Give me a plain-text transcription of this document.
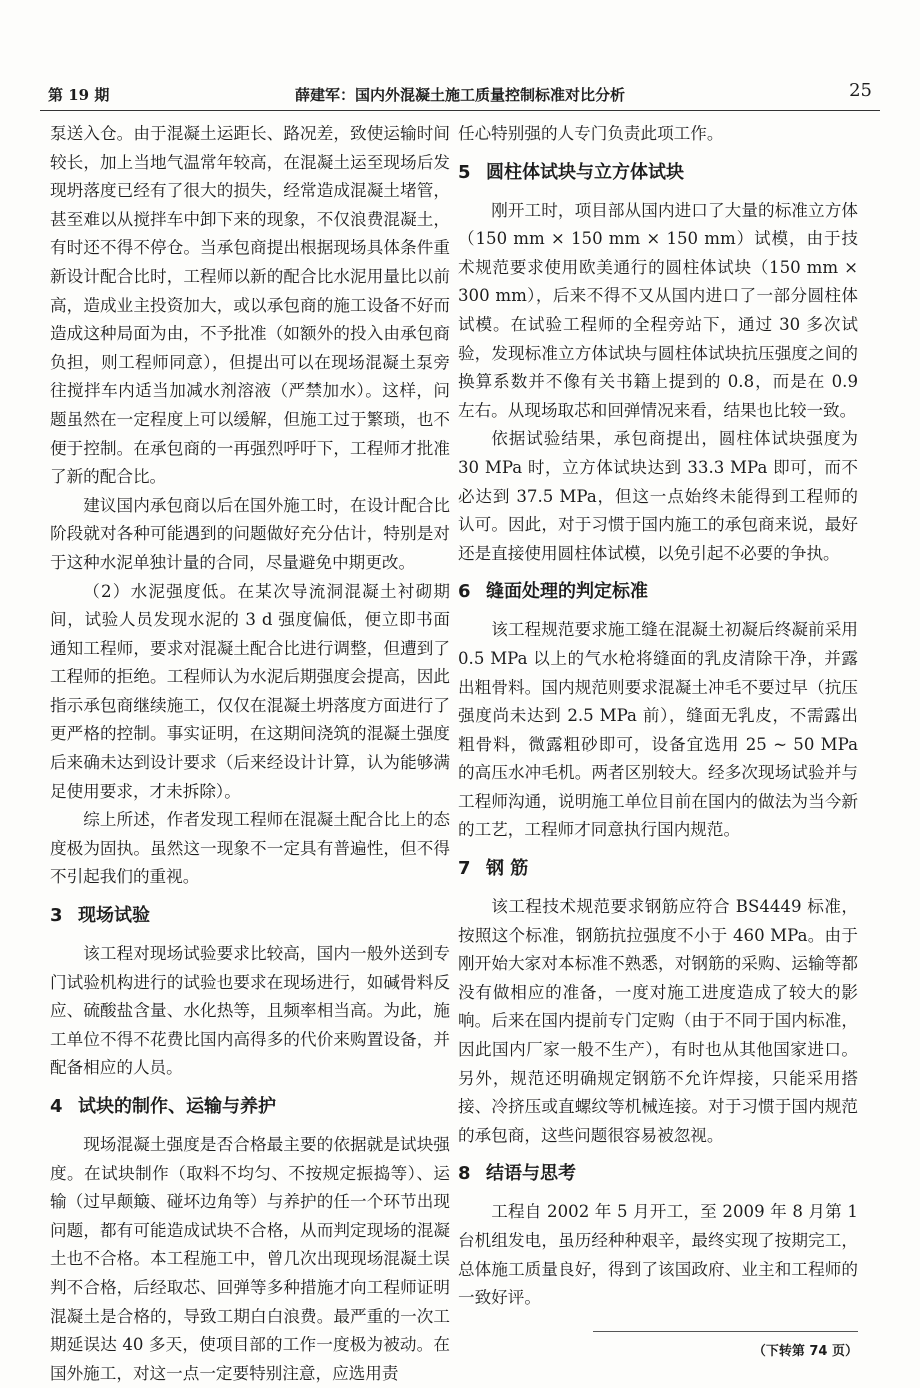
第 19 期	薛建军：国内外混凝土施工质量控制标准对比分析	25

泵送入仓。由于混凝土运距长、路况差，致使运输时间较长，加上当地气温常年较高，在混凝土运至现场后发现坍落度已经有了很大的损失，经常造成混凝土堵管，甚至难以从搅拌车中卸下来的现象，不仅浪费混凝土，有时还不得不停仓。当承包商提出根据现场具体条件重新设计配合比时，工程师以新的配合比水泥用量比以前高，造成业主投资加大，或以承包商的施工设备不好而造成这种局面为由，不予批准（如额外的投入由承包商负担，则工程师同意），但提出可以在现场混凝土泵旁往搅拌车内适当加减水剂溶液（严禁加水）。这样，问题虽然在一定程度上可以缓解，但施工过于繁琐，也不便于控制。在承包商的一再强烈呼吁下，工程师才批准了新的配合比。

建议国内承包商以后在国外施工时，在设计配合比阶段就对各种可能遇到的问题做好充分估计，特别是对于这种水泥单独计量的合同，尽量避免中期更改。

（2）水泥强度低。在某次导流洞混凝土衬砌期间，试验人员发现水泥的 3 d 强度偏低，便立即书面通知工程师，要求对混凝土配合比进行调整，但遭到了工程师的拒绝。工程师认为水泥后期强度会提高，因此指示承包商继续施工，仅仅在混凝土坍落度方面进行了更严格的控制。事实证明，在这期间浇筑的混凝土强度后来确未达到设计要求（后来经设计计算，认为能够满足使用要求，才未拆除）。

综上所述，作者发现工程师在混凝土配合比上的态度极为固执。虽然这一现象不一定具有普遍性，但不得不引起我们的重视。

3 现场试验

该工程对现场试验要求比较高，国内一般外送到专门试验机构进行的试验也要求在现场进行，如碱骨料反应、硫酸盐含量、水化热等，且频率相当高。为此，施工单位不得不花费比国内高得多的代价来购置设备，并配备相应的人员。

4 试块的制作、运输与养护

现场混凝土强度是否合格最主要的依据就是试块强度。在试块制作（取料不均匀、不按规定振捣等）、运输（过早颠簸、碰坏边角等）与养护的任一个环节出现问题，都有可能造成试块不合格，从而判定现场的混凝土也不合格。本工程施工中，曾几次出现现场混凝土误判不合格，后经取芯、回弹等多种措施才向工程师证明混凝土是合格的，导致工期白白浪费。最严重的一次工期延误达 40 多天，使项目部的工作一度极为被动。在国外施工，对这一点一定要特别注意，应选用责

任心特别强的人专门负责此项工作。

5 圆柱体试块与立方体试块

刚开工时，项目部从国内进口了大量的标准立方体（150 mm × 150 mm × 150 mm）试模，由于技术规范要求使用欧美通行的圆柱体试块（150 mm × 300 mm），后来不得不又从国内进口了一部分圆柱体试模。在试验工程师的全程旁站下，通过 30 多次试验，发现标准立方体试块与圆柱体试块抗压强度之间的换算系数并不像有关书籍上提到的 0.8，而是在 0.9 左右。从现场取芯和回弹情况来看，结果也比较一致。

依据试验结果，承包商提出，圆柱体试块强度为 30 MPa 时，立方体试块达到 33.3 MPa 即可，而不必达到 37.5 MPa，但这一点始终未能得到工程师的认可。因此，对于习惯于国内施工的承包商来说，最好还是直接使用圆柱体试模，以免引起不必要的争执。

6 缝面处理的判定标准

该工程规范要求施工缝在混凝土初凝后终凝前采用 0.5 MPa 以上的气水枪将缝面的乳皮清除干净，并露出粗骨料。国内规范则要求混凝土冲毛不要过早（抗压强度尚未达到 2.5 MPa 前），缝面无乳皮，不需露出粗骨料，微露粗砂即可，设备宜选用 25 ~ 50 MPa 的高压水冲毛机。两者区别较大。经多次现场试验并与工程师沟通，说明施工单位目前在国内的做法为当今新的工艺，工程师才同意执行国内规范。

7 钢 筋

该工程技术规范要求钢筋应符合 BS4449 标准，按照这个标准，钢筋抗拉强度不小于 460 MPa。由于刚开始大家对本标准不熟悉，对钢筋的采购、运输等都没有做相应的准备，一度对施工进度造成了较大的影响。后来在国内提前专门定购（由于不同于国内标准，因此国内厂家一般不生产），有时也从其他国家进口。另外，规范还明确规定钢筋不允许焊接，只能采用搭接、冷挤压或直螺纹等机械连接。对于习惯于国内规范的承包商，这些问题很容易被忽视。

8 结语与思考

工程自 2002 年 5 月开工，至 2009 年 8 月第 1 台机组发电，虽历经种种艰辛，最终实现了按期完工，总体施工质量良好，得到了该国政府、业主和工程师的一致好评。

（下转第 74 页）
